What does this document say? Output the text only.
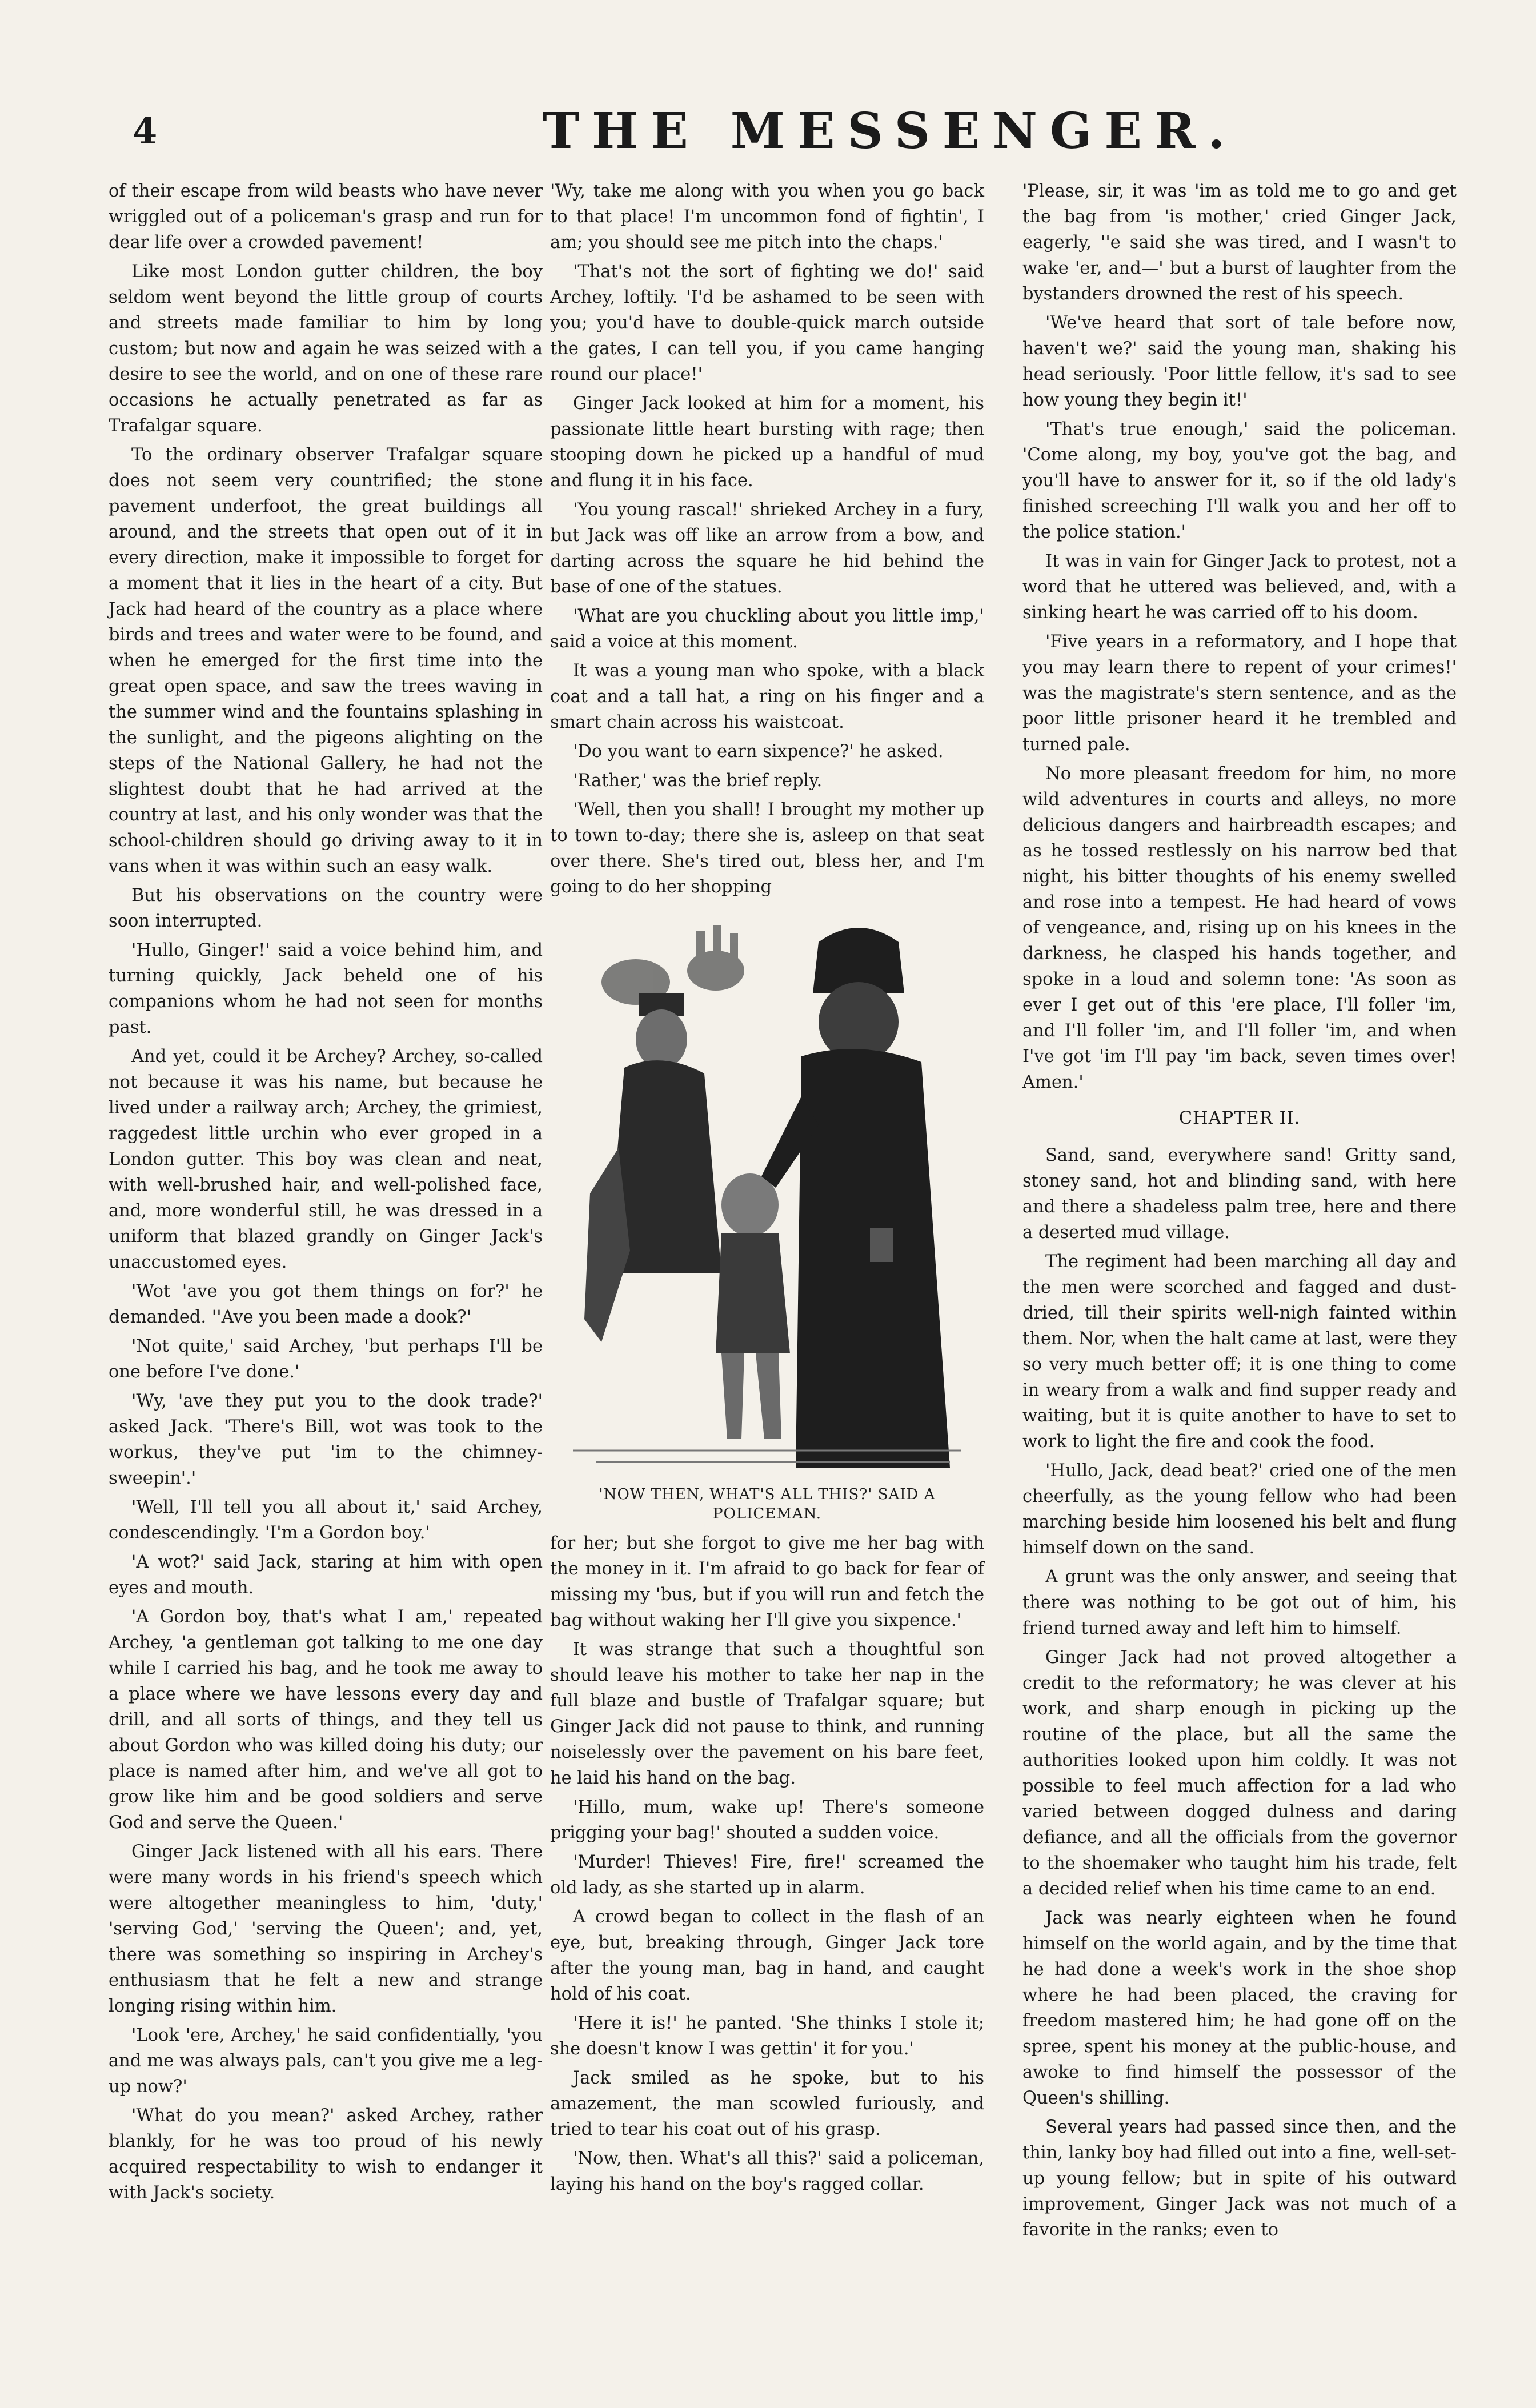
4	THE MESSENGER.

of their escape from wild beasts who have never wriggled out of a policeman's grasp and run for dear life over a crowded pavement!

Like most London gutter children, the boy seldom went beyond the little group of courts and streets made familiar to him by long custom; but now and again he was seized with a desire to see the world, and on one of these rare occasions he actually penetrated as far as Trafalgar square.

To the ordinary observer Trafalgar square does not seem very countrified; the stone pavement underfoot, the great buildings all around, and the streets that open out of it in every direction, make it impossible to forget for a moment that it lies in the heart of a city. But Jack had heard of the country as a place where birds and trees and water were to be found, and when he emerged for the first time into the great open space, and saw the trees waving in the summer wind and the fountains splashing in the sunlight, and the pigeons alighting on the steps of the National Gallery, he had not the slightest doubt that he had arrived at the country at last, and his only wonder was that the school-children should go driving away to it in vans when it was within such an easy walk.

But his observations on the country were soon interrupted.

'Hullo, Ginger!' said a voice behind him, and turning quickly, Jack beheld one of his companions whom he had not seen for months past.

And yet, could it be Archey? Archey, so-called not because it was his name, but because he lived under a railway arch; Archey, the grimiest, raggedest little urchin who ever groped in a London gutter. This boy was clean and neat, with well-brushed hair, and well-polished face, and, more wonderful still, he was dressed in a uniform that blazed grandly on Ginger Jack's unaccustomed eyes.

'Wot 'ave you got them things on for?' he demanded. ''Ave you been made a dook?'

'Not quite,' said Archey, 'but perhaps I'll be one before I've done.'

'Wy, 'ave they put you to the dook trade?' asked Jack. 'There's Bill, wot was took to the workus, they've put 'im to the chimney-sweepin'.'

'Well, I'll tell you all about it,' said Archey, condescendingly. 'I'm a Gordon boy.'

'A wot?' said Jack, staring at him with open eyes and mouth.

'A Gordon boy, that's what I am,' repeated Archey, 'a gentleman got talking to me one day while I carried his bag, and he took me away to a place where we have lessons every day and drill, and all sorts of things, and they tell us about Gordon who was killed doing his duty; our place is named after him, and we've all got to grow like him and be good soldiers and serve God and serve the Queen.'

Ginger Jack listened with all his ears. There were many words in his friend's speech which were altogether meaningless to him, 'duty,' 'serving God,' 'serving the Queen'; and, yet, there was something so inspiring in Archey's enthusiasm that he felt a new and strange longing rising within him.

'Look 'ere, Archey,' he said confidentially, 'you and me was always pals, can't you give me a leg-up now?'

'What do you mean?' asked Archey, rather blankly, for he was too proud of his newly acquired respectability to wish to endanger it with Jack's society.

'Wy, take me along with you when you go back to that place! I'm uncommon fond of fightin', I am; you should see me pitch into the chaps.'

'That's not the sort of fighting we do!' said Archey, loftily. 'I'd be ashamed to be seen with you; you'd have to double-quick march outside the gates, I can tell you, if you came hanging round our place!'

Ginger Jack looked at him for a moment, his passionate little heart bursting with rage; then stooping down he picked up a handful of mud and flung it in his face.

'You young rascal!' shrieked Archey in a fury, but Jack was off like an arrow from a bow, and darting across the square he hid behind the base of one of the statues.

'What are you chuckling about you little imp,' said a voice at this moment.

It was a young man who spoke, with a black coat and a tall hat, a ring on his finger and a smart chain across his waistcoat.

'Do you want to earn sixpence?' he asked.

'Rather,' was the brief reply.

'Well, then you shall! I brought my mother up to town to-day; there she is, asleep on that seat over there. She's tired out, bless her, and I'm going to do her shopping

'NOW THEN, WHAT'S ALL THIS?' SAID A POLICEMAN.

for her; but she forgot to give me her bag with the money in it. I'm afraid to go back for fear of missing my 'bus, but if you will run and fetch the bag without waking her I'll give you sixpence.'

It was strange that such a thoughtful son should leave his mother to take her nap in the full blaze and bustle of Trafalgar square; but Ginger Jack did not pause to think, and running noiselessly over the pavement on his bare feet, he laid his hand on the bag.

'Hillo, mum, wake up! There's someone prigging your bag!' shouted a sudden voice.

'Murder! Thieves! Fire, fire!' screamed the old lady, as she started up in alarm.

A crowd began to collect in the flash of an eye, but, breaking through, Ginger Jack tore after the young man, bag in hand, and caught hold of his coat.

'Here it is!' he panted. 'She thinks I stole it; she doesn't know I was gettin' it for you.'

Jack smiled as he spoke, but to his amazement, the man scowled furiously, and tried to tear his coat out of his grasp.

'Now, then. What's all this?' said a policeman, laying his hand on the boy's ragged collar.

'Please, sir, it was 'im as told me to go and get the bag from 'is mother,' cried Ginger Jack, eagerly, ''e said she was tired, and I wasn't to wake 'er, and—' but a burst of laughter from the bystanders drowned the rest of his speech.

'We've heard that sort of tale before now, haven't we?' said the young man, shaking his head seriously. 'Poor little fellow, it's sad to see how young they begin it!'

'That's true enough,' said the policeman. 'Come along, my boy, you've got the bag, and you'll have to answer for it, so if the old lady's finished screeching I'll walk you and her off to the police station.'

It was in vain for Ginger Jack to protest, not a word that he uttered was believed, and, with a sinking heart he was carried off to his doom.

'Five years in a reformatory, and I hope that you may learn there to repent of your crimes!' was the magistrate's stern sentence, and as the poor little prisoner heard it he trembled and turned pale.

No more pleasant freedom for him, no more wild adventures in courts and alleys, no more delicious dangers and hairbreadth escapes; and as he tossed restlessly on his narrow bed that night, his bitter thoughts of his enemy swelled and rose into a tempest. He had heard of vows of vengeance, and, rising up on his knees in the darkness, he clasped his hands together, and spoke in a loud and solemn tone: 'As soon as ever I get out of this 'ere place, I'll foller 'im, and I'll foller 'im, and I'll foller 'im, and when I've got 'im I'll pay 'im back, seven times over! Amen.'

CHAPTER II.

Sand, sand, everywhere sand! Gritty sand, stoney sand, hot and blinding sand, with here and there a shadeless palm tree, here and there a deserted mud village.

The regiment had been marching all day and the men were scorched and fagged and dust-dried, till their spirits well-nigh fainted within them. Nor, when the halt came at last, were they so very much better off; it is one thing to come in weary from a walk and find supper ready and waiting, but it is quite another to have to set to work to light the fire and cook the food.

'Hullo, Jack, dead beat?' cried one of the men cheerfully, as the young fellow who had been marching beside him loosened his belt and flung himself down on the sand.

A grunt was the only answer, and seeing that there was nothing to be got out of him, his friend turned away and left him to himself.

Ginger Jack had not proved altogether a credit to the reformatory; he was clever at his work, and sharp enough in picking up the routine of the place, but all the same the authorities looked upon him coldly. It was not possible to feel much affection for a lad who varied between dogged dulness and daring defiance, and all the officials from the governor to the shoemaker who taught him his trade, felt a decided relief when his time came to an end.

Jack was nearly eighteen when he found himself on the world again, and by the time that he had done a week's work in the shoe shop where he had been placed, the craving for freedom mastered him; he had gone off on the spree, spent his money at the public-house, and awoke to find himself the possessor of the Queen's shilling.

Several years had passed since then, and the thin, lanky boy had filled out into a fine, well-set-up young fellow; but in spite of his outward improvement, Ginger Jack was not much of a favorite in the ranks; even to
